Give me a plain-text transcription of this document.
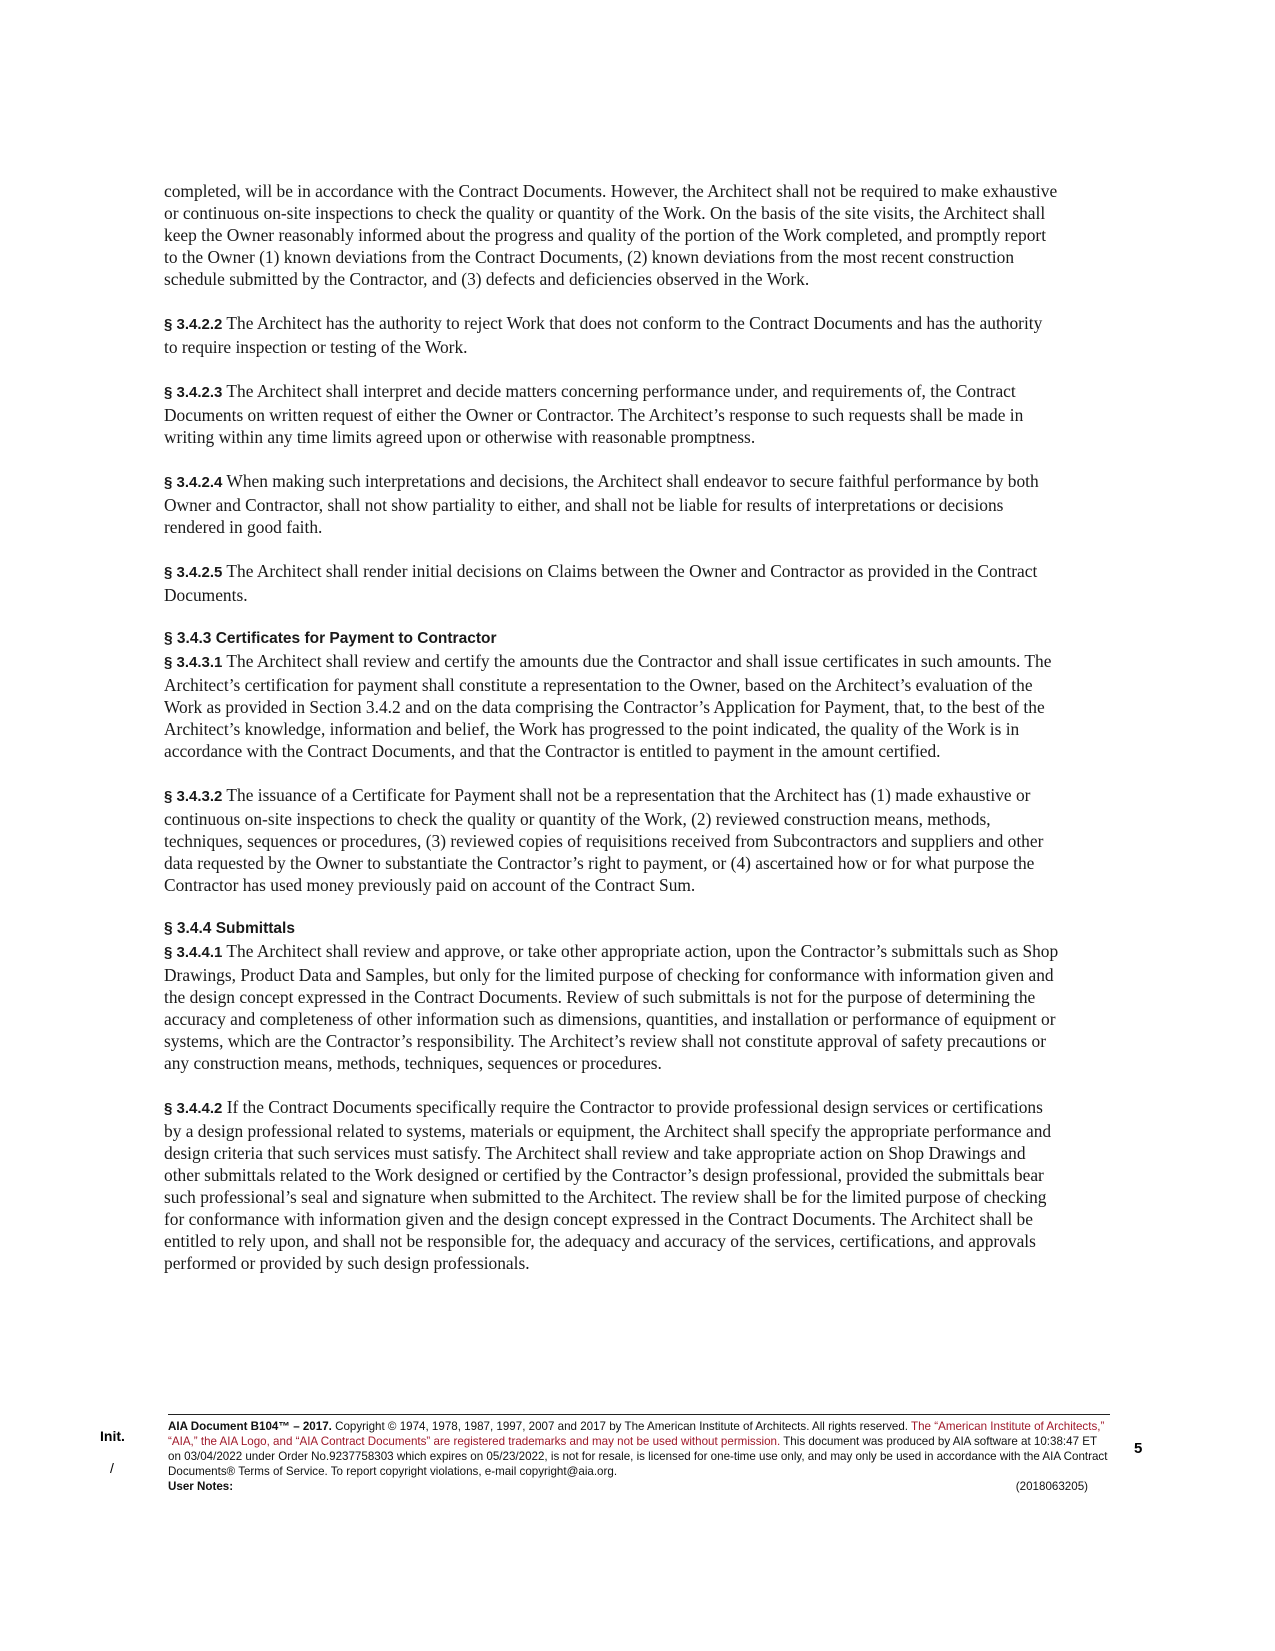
completed, will be in accordance with the Contract Documents. However, the Architect shall not be required to make exhaustive or continuous on-site inspections to check the quality or quantity of the Work. On the basis of the site visits, the Architect shall keep the Owner reasonably informed about the progress and quality of the portion of the Work completed, and promptly report to the Owner (1) known deviations from the Contract Documents, (2) known deviations from the most recent construction schedule submitted by the Contractor, and (3) defects and deficiencies observed in the Work.

§ 3.4.2.2 The Architect has the authority to reject Work that does not conform to the Contract Documents and has the authority to require inspection or testing of the Work.

§ 3.4.2.3 The Architect shall interpret and decide matters concerning performance under, and requirements of, the Contract Documents on written request of either the Owner or Contractor. The Architect’s response to such requests shall be made in writing within any time limits agreed upon or otherwise with reasonable promptness.

§ 3.4.2.4 When making such interpretations and decisions, the Architect shall endeavor to secure faithful performance by both Owner and Contractor, shall not show partiality to either, and shall not be liable for results of interpretations or decisions rendered in good faith.

§ 3.4.2.5 The Architect shall render initial decisions on Claims between the Owner and Contractor as provided in the Contract Documents.

§ 3.4.3 Certificates for Payment to Contractor

§ 3.4.3.1 The Architect shall review and certify the amounts due the Contractor and shall issue certificates in such amounts. The Architect’s certification for payment shall constitute a representation to the Owner, based on the Architect’s evaluation of the Work as provided in Section 3.4.2 and on the data comprising the Contractor’s Application for Payment, that, to the best of the Architect’s knowledge, information and belief, the Work has progressed to the point indicated, the quality of the Work is in accordance with the Contract Documents, and that the Contractor is entitled to payment in the amount certified.

§ 3.4.3.2 The issuance of a Certificate for Payment shall not be a representation that the Architect has (1) made exhaustive or continuous on-site inspections to check the quality or quantity of the Work, (2) reviewed construction means, methods, techniques, sequences or procedures, (3) reviewed copies of requisitions received from Subcontractors and suppliers and other data requested by the Owner to substantiate the Contractor’s right to payment, or (4) ascertained how or for what purpose the Contractor has used money previously paid on account of the Contract Sum.

§ 3.4.4 Submittals

§ 3.4.4.1 The Architect shall review and approve, or take other appropriate action, upon the Contractor’s submittals such as Shop Drawings, Product Data and Samples, but only for the limited purpose of checking for conformance with information given and the design concept expressed in the Contract Documents. Review of such submittals is not for the purpose of determining the accuracy and completeness of other information such as dimensions, quantities, and installation or performance of equipment or systems, which are the Contractor’s responsibility. The Architect’s review shall not constitute approval of safety precautions or any construction means, methods, techniques, sequences or procedures.

§ 3.4.4.2 If the Contract Documents specifically require the Contractor to provide professional design services or certifications by a design professional related to systems, materials or equipment, the Architect shall specify the appropriate performance and design criteria that such services must satisfy. The Architect shall review and take appropriate action on Shop Drawings and other submittals related to the Work designed or certified by the Contractor’s design professional, provided the submittals bear such professional’s seal and signature when submitted to the Architect. The review shall be for the limited purpose of checking for conformance with information given and the design concept expressed in the Contract Documents. The Architect shall be entitled to rely upon, and shall not be responsible for, the adequacy and accuracy of the services, certifications, and approvals performed or provided by such design professionals.

Init.
/
AIA Document B104™ – 2017. Copyright © 1974, 1978, 1987, 1997, 2007 and 2017 by The American Institute of Architects. All rights reserved. The “American Institute of Architects,” “AIA,” the AIA Logo, and “AIA Contract Documents” are registered trademarks and may not be used without permission. This document was produced by AIA software at 10:38:47 ET on 03/04/2022 under Order No.9237758303 which expires on 05/23/2022, is not for resale, is licensed for one-time use only, and may only be used in accordance with the AIA Contract Documents® Terms of Service. To report copyright violations, e-mail copyright@aia.org.
User Notes:	(2018063205)
5
